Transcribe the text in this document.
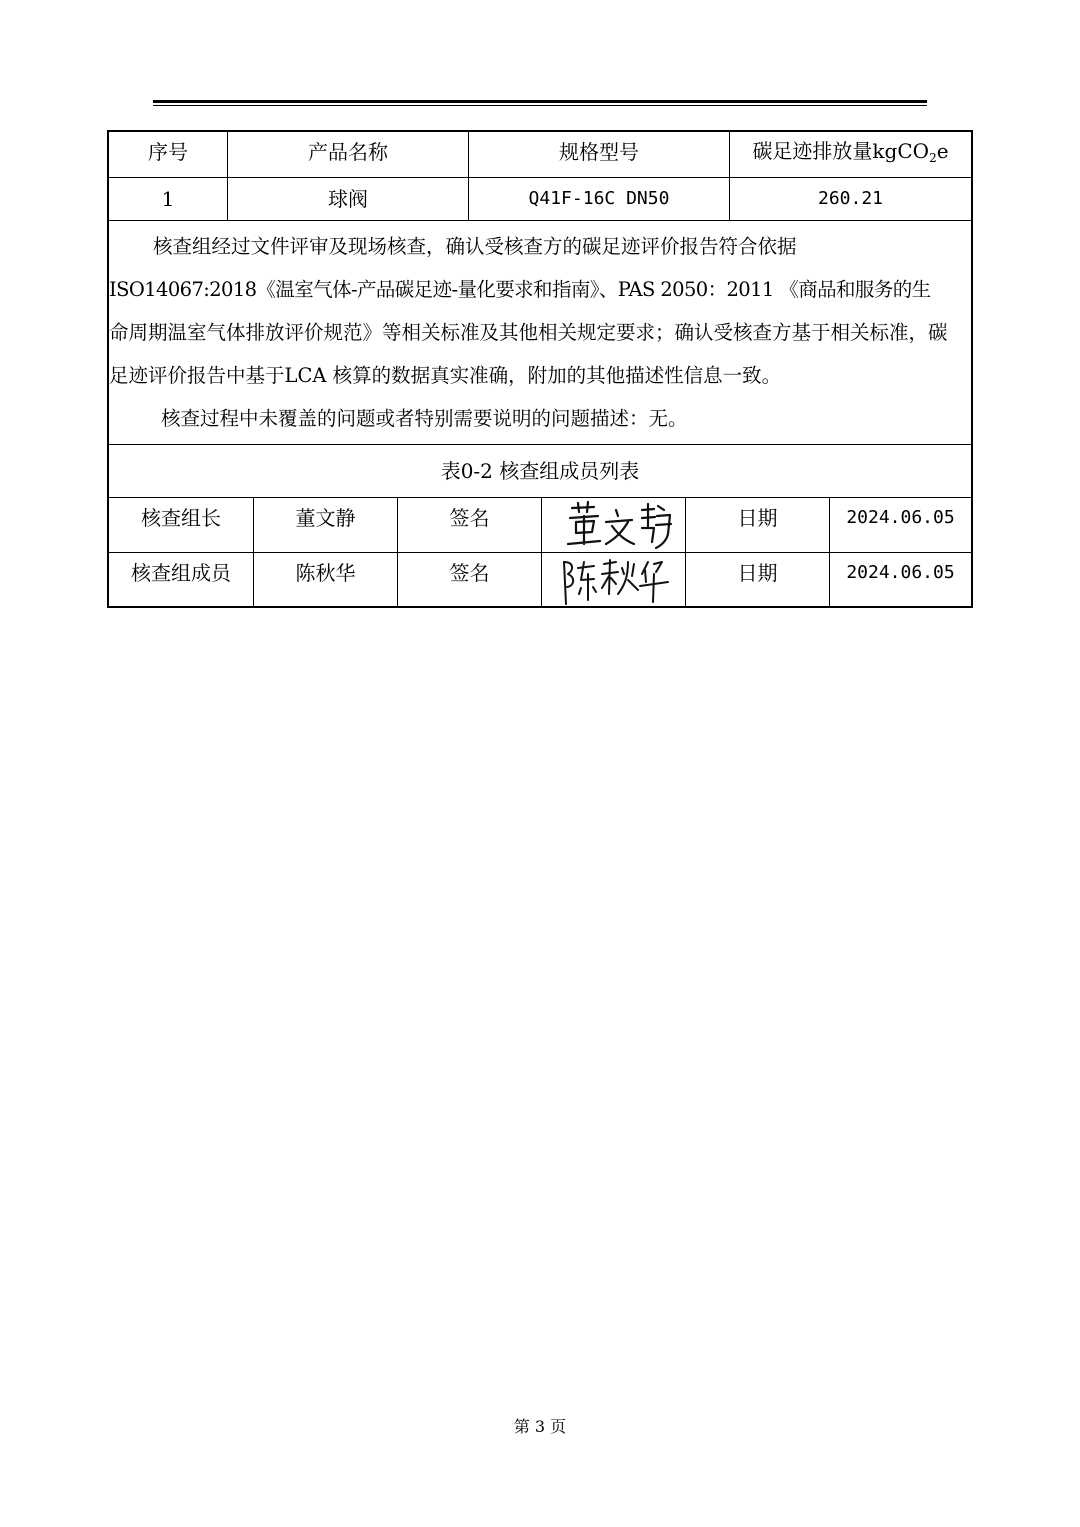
序号	产品名称	规格型号	碳足迹排放量kgCO$_2$e
1	球阀	Q41F-16C DN50	260.21
核查组经过文件评审及现场核查，确认受核查方的碳足迹评价报告符合依据
ISO14067:2018《温室气体-产品碳足迹-量化要求和指南》、PAS 2050：2011 《商品和服务的生
命周期温室气体排放评价规范》等相关标准及其他相关规定要求；确认受核查方基于相关标准，碳
足迹评价报告中基于LCA 核算的数据真实准确，附加的其他描述性信息一致。
核查过程中未覆盖的问题或者特别需要说明的问题描述：无。
表0-2 核查组成员列表
核查组长	董文静	签名	日期	2024.06.05
核查组成员	陈秋华	签名	日期	2024.06.05
第 3 页
